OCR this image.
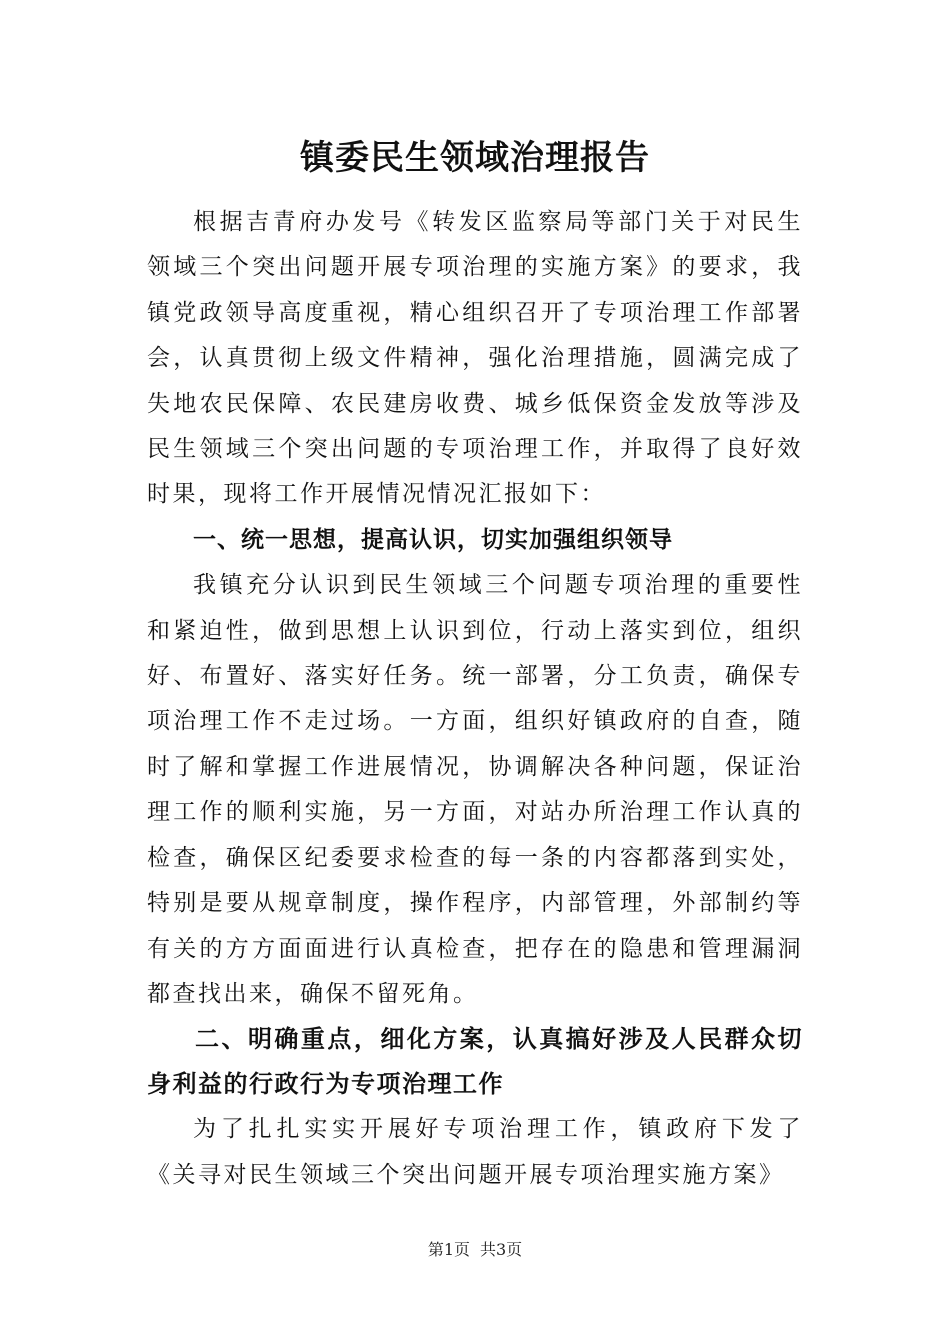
镇委民生领域治理报告

根据吉青府办发号《转发区监察局等部门关于对民生领域三个突出问题开展专项治理的实施方案》的要求，我镇党政领导高度重视，精心组织召开了专项治理工作部署会，认真贯彻上级文件精神，强化治理措施，圆满完成了失地农民保障、农民建房收费、城乡低保资金发放等涉及民生领域三个突出问题的专项治理工作，并取得了良好效时果，现将工作开展情况情况汇报如下：

一、统一思想，提高认识，切实加强组织领导

我镇充分认识到民生领域三个问题专项治理的重要性和紧迫性，做到思想上认识到位，行动上落实到位，组织好、布置好、落实好任务。统一部署，分工负责，确保专项治理工作不走过场。一方面，组织好镇政府的自查，随时了解和掌握工作进展情况，协调解决各种问题，保证治理工作的顺利实施，另一方面，对站办所治理工作认真的检查，确保区纪委要求检查的每一条的内容都落到实处，特别是要从规章制度，操作程序，内部管理，外部制约等有关的方方面面进行认真检查，把存在的隐患和管理漏洞都查找出来，确保不留死角。

二、明确重点，细化方案，认真搞好涉及人民群众切身利益的行政行为专项治理工作

为了扎扎实实开展好专项治理工作，镇政府下发了《关寻对民生领域三个突出问题开展专项治理实施方案》

第1页 共3页
